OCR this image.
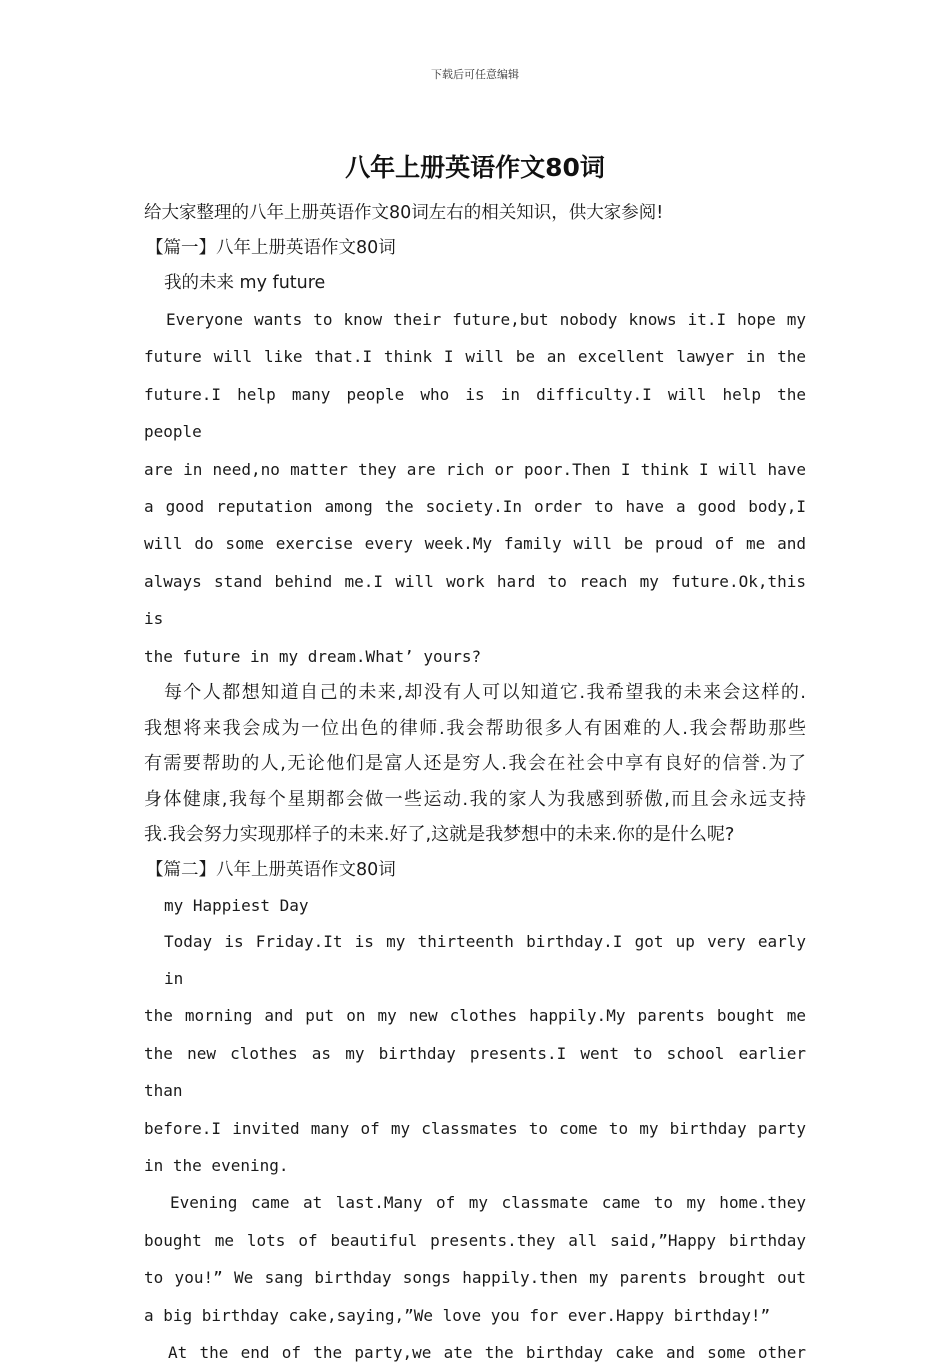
下载后可任意编辑
八年上册英语作文80词
给大家整理的八年上册英语作文80词左右的相关知识，供大家参阅!
【篇一】八年上册英语作文80词
我的未来 my future
Everyone wants to know their future,but nobody knows it.I hope my
future will like that.I think I will be an excellent lawyer in the
future.I help many people who is in difficulty.I will help the people
are in need,no matter they are rich or poor.Then I think I will have
a good reputation among the society.In order to have a good body,I
will do some exercise every week.My family will be proud of me and
always stand behind me.I will work hard to reach my future.Ok,this is
the future in my dream.What’ yours?
每个人都想知道自己的未来,却没有人可以知道它.我希望我的未来会这样的.
我想将来我会成为一位出色的律师.我会帮助很多人有困难的人.我会帮助那些
有需要帮助的人,无论他们是富人还是穷人.我会在社会中享有良好的信誉.为了
身体健康,我每个星期都会做一些运动.我的家人为我感到骄傲,而且会永远支持
我.我会努力实现那样子的未来.好了,这就是我梦想中的未来.你的是什么呢?
【篇二】八年上册英语作文80词
my Happiest Day
Today is Friday.It is my thirteenth birthday.I got up very early in
the morning and put on my new clothes happily.My parents bought me
the new clothes as my birthday presents.I went to school earlier than
before.I invited many of my classmates to come to my birthday party
in the evening.
Evening came at last.Many of my classmate came to my home.they
bought me lots of beautiful presents.they all said,”Happy birthday
to you!” We sang birthday songs happily.then my parents brought out
a big birthday cake,saying,”We love you for ever.Happy birthday!”
At the end of the party,we ate the birthday cake and some other
